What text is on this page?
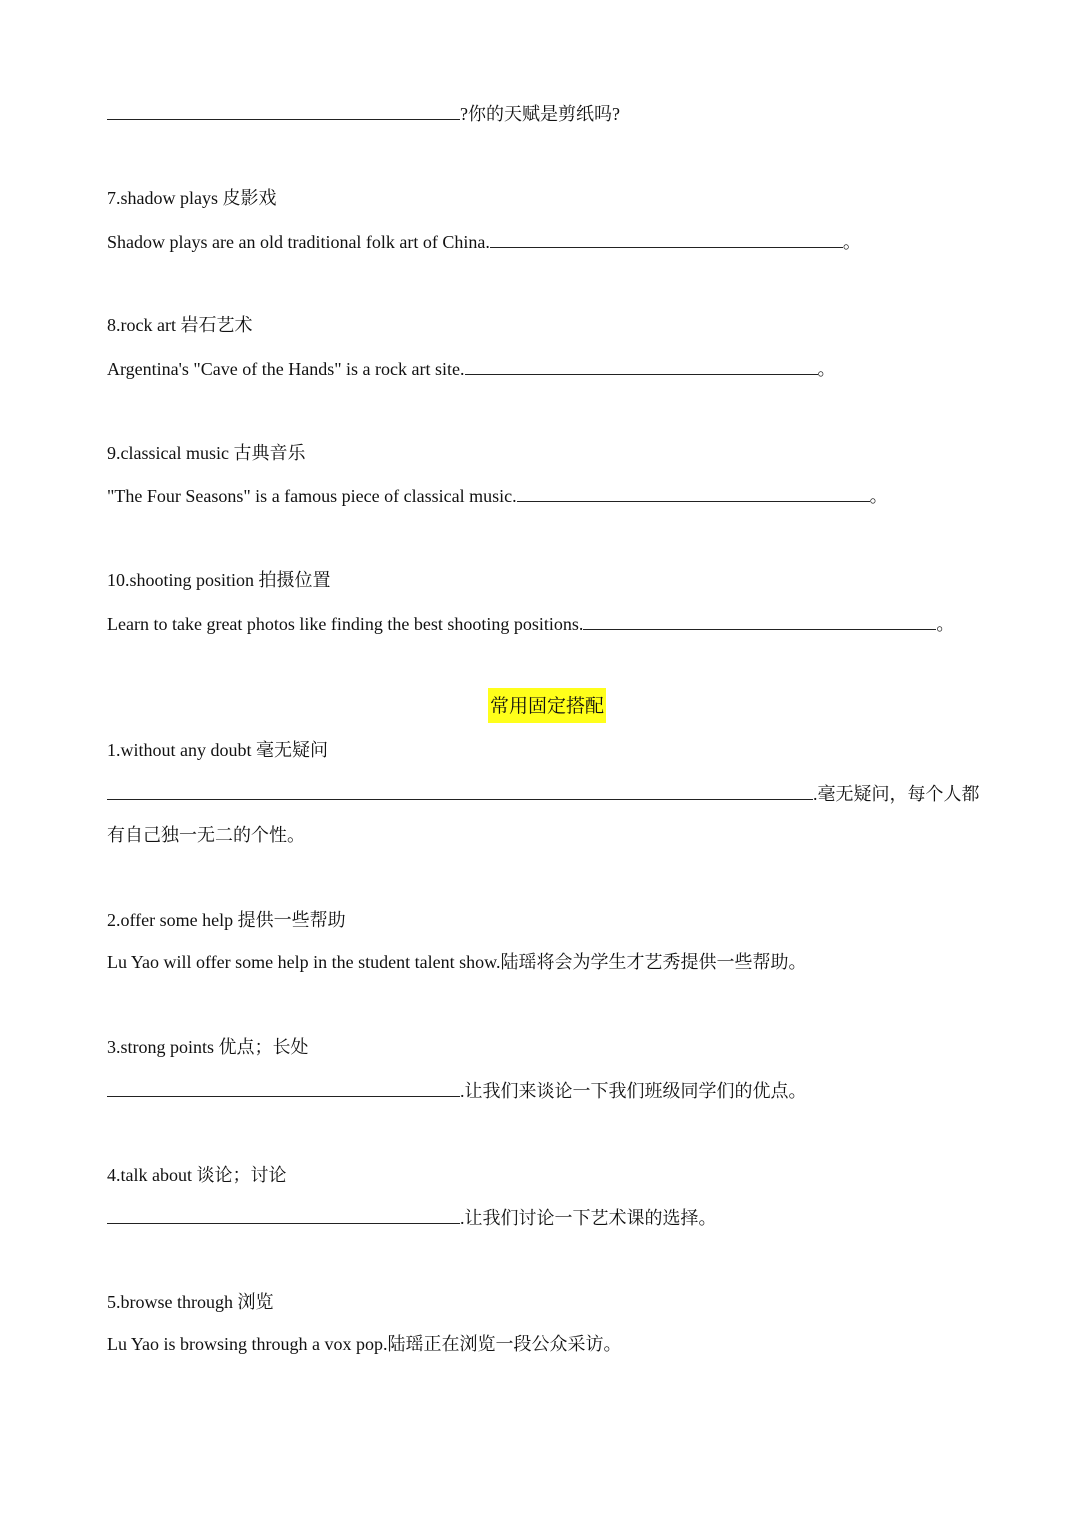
?你的天赋是剪纸吗?
7.shadow plays 皮影戏
Shadow plays are an old traditional folk art of China.	。
8.rock art 岩石艺术
Argentina's "Cave of the Hands" is a rock art site.	。
9.classical music 古典音乐
"The Four Seasons" is a famous piece of classical music.	。
10.shooting position 拍摄位置
Learn to take great photos like finding the best shooting positions.	。
常用固定搭配
1.without any doubt 毫无疑问
.毫无疑问，每个人都
有自己独一无二的个性。
2.offer some help 提供一些帮助
Lu Yao will offer some help in the student talent show.陆瑶将会为学生才艺秀提供一些帮助。
3.strong points 优点；长处
.让我们来谈论一下我们班级同学们的优点。
4.talk about 谈论；讨论
.让我们讨论一下艺术课的选择。
5.browse through 浏览
Lu Yao is browsing through a vox pop.陆瑶正在浏览一段公众采访。
